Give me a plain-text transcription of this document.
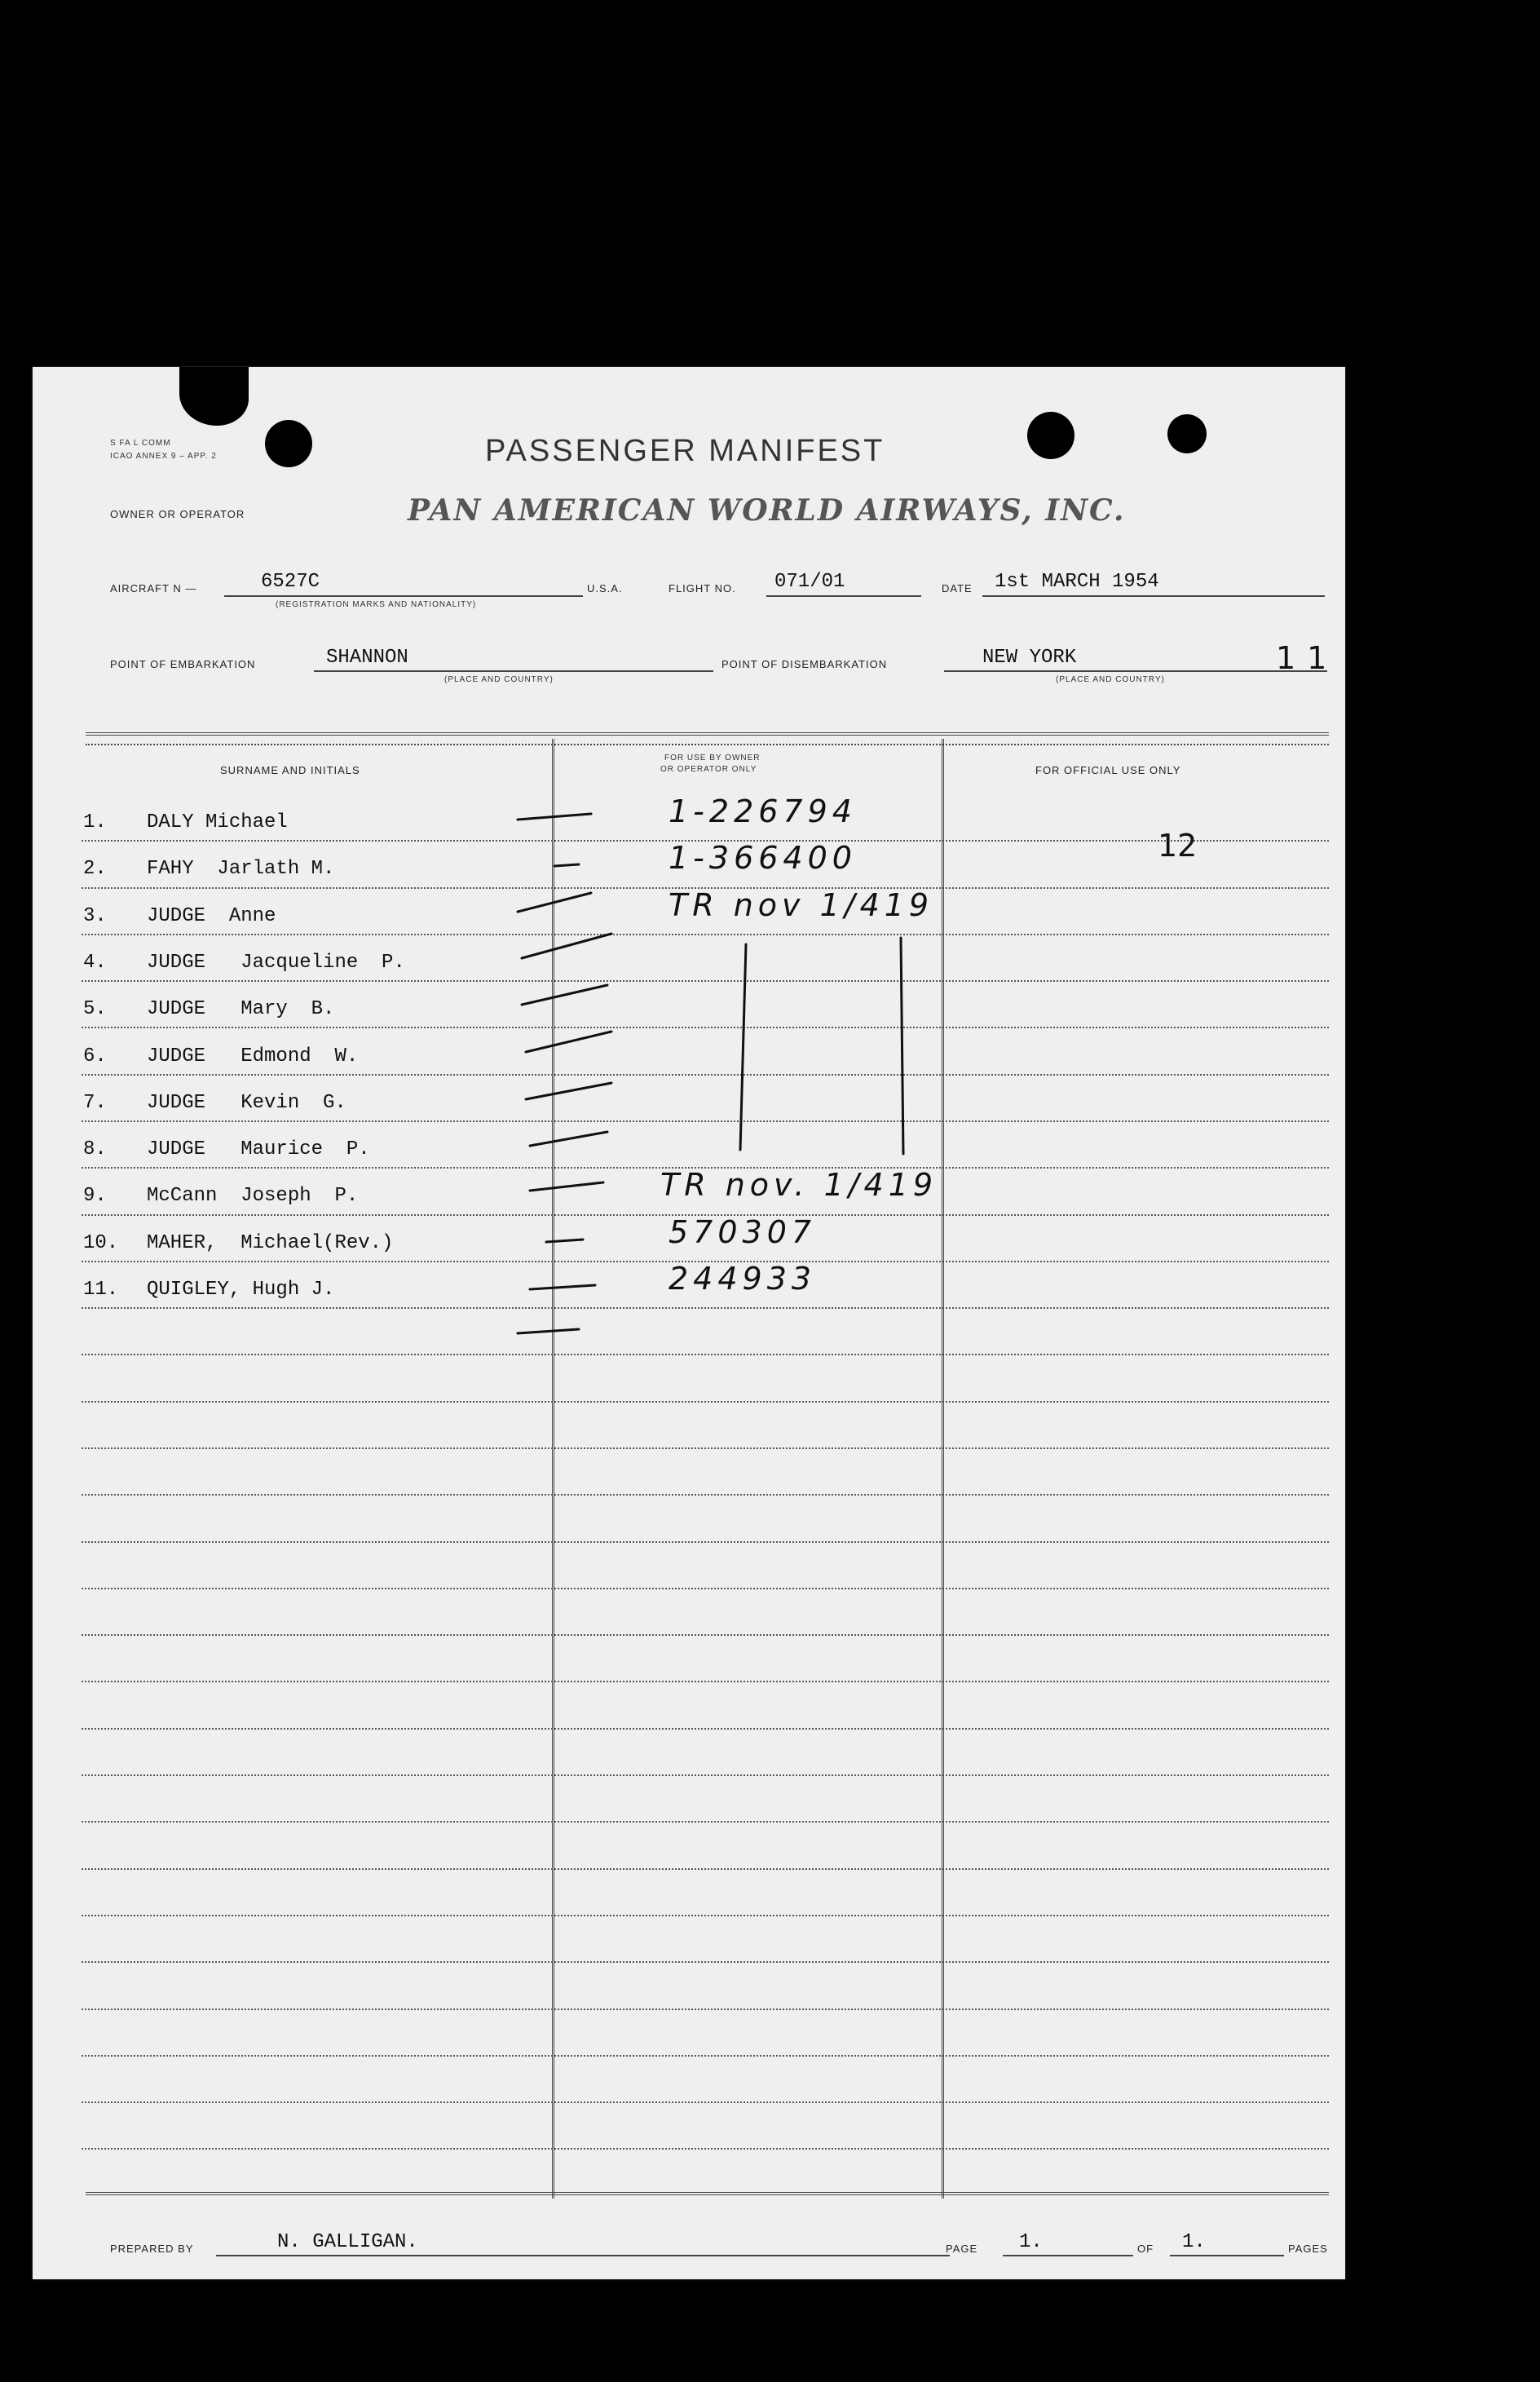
S FA L COMM
ICAO ANNEX 9 – APP. 2
OWNER OR OPERATOR
PASSENGER MANIFEST
PAN AMERICAN WORLD AIRWAYS, INC.
AIRCRAFT N —	6527C
(REGISTRATION MARKS AND NATIONALITY)
U.S.A.	FLIGHT NO. 071/01	DATE 1st MARCH 1954
POINT OF EMBARKATION	SHANNON
(PLACE AND COUNTRY)
POINT OF DISEMBARKATION	NEW YORK
(PLACE AND COUNTRY)
11
SURNAME AND INITIALS
FOR USE BY OWNER
OR OPERATOR ONLY	FOR OFFICIAL USE ONLY
1. DALY Michael	1-226794
2. FAHY  Jarlath M.	1-366400
3. JUDGE  Anne	TR nov 1/419
4. JUDGE   Jacqueline  P.
5. JUDGE   Mary  B.
6. JUDGE   Edmond  W.
7. JUDGE   Kevin  G.
8. JUDGE   Maurice  P.
9. McCann  Joseph  P.	TR nov. 1/419
10. MAHER,  Michael(Rev.)	570307
11. QUIGLEY, Hugh J.	244933
12
PREPARED BY	N. GALLIGAN.	PAGE 1.	OF 1.	PAGES
